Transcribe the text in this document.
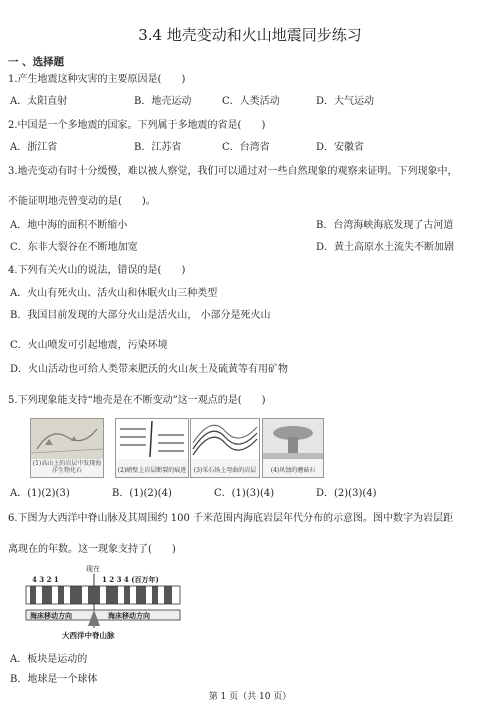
3.4 地壳变动和火山地震同步练习
一 、选择题
1.产生地震这种灾害的主要原因是(　　)
A．太阳直射	B．地壳运动	C．人类活动	D．大气运动
2.中国是一个多地震的国家。下列属于多地震的省是(　　)
A．浙江省	B．江苏省	C．台湾省	D．安徽省
3.地壳变动有时十分缓慢，难以被人察觉，我们可以通过对一些自然现象的观察来证明。下列现象中，
不能证明地壳曾变动的是(　　)。
A．地中海的面积不断缩小	B．台湾海峡海底发现了古河道
C．东非大裂谷在不断地加宽	D．黄土高原水土流失不断加剧
4.下列有关火山的说法，错误的是(　　)
A．火山有死火山、活火山和休眠火山三种类型
B．我国目前发现的大部分火山是活火山， 小部分是死火山
C．火山喷发可引起地震，污染环境
D．火山活动也可给人类带来肥沃的火山灰土及硫黄等有用矿物
5.下列现象能支持“地壳是在不断变动”这一观点的是(　　)
(1)高山上的岩层中发现海洋生物化石	(2)峭壁上岩层断裂的痕迹	(3)采石场上弯曲的岩层	(4)风蚀的蘑菇石
A．(1)(2)(3)	B．(1)(2)(4)	C．(1)(3)(4)	D．(2)(3)(4)
6.下图为大西洋中脊山脉及其周围约 100 千米范围内海底岩层年代分布的示意图。图中数字为岩层距
离现在的年数。这一现象支持了(　　)
现在
4 3 2 1	1 2 3 4 (百万年)
海床移动方向	海床移动方向
大西洋中脊山脉
A．板块是运动的
B．地球是一个球体
第 1 页（共 10 页）
